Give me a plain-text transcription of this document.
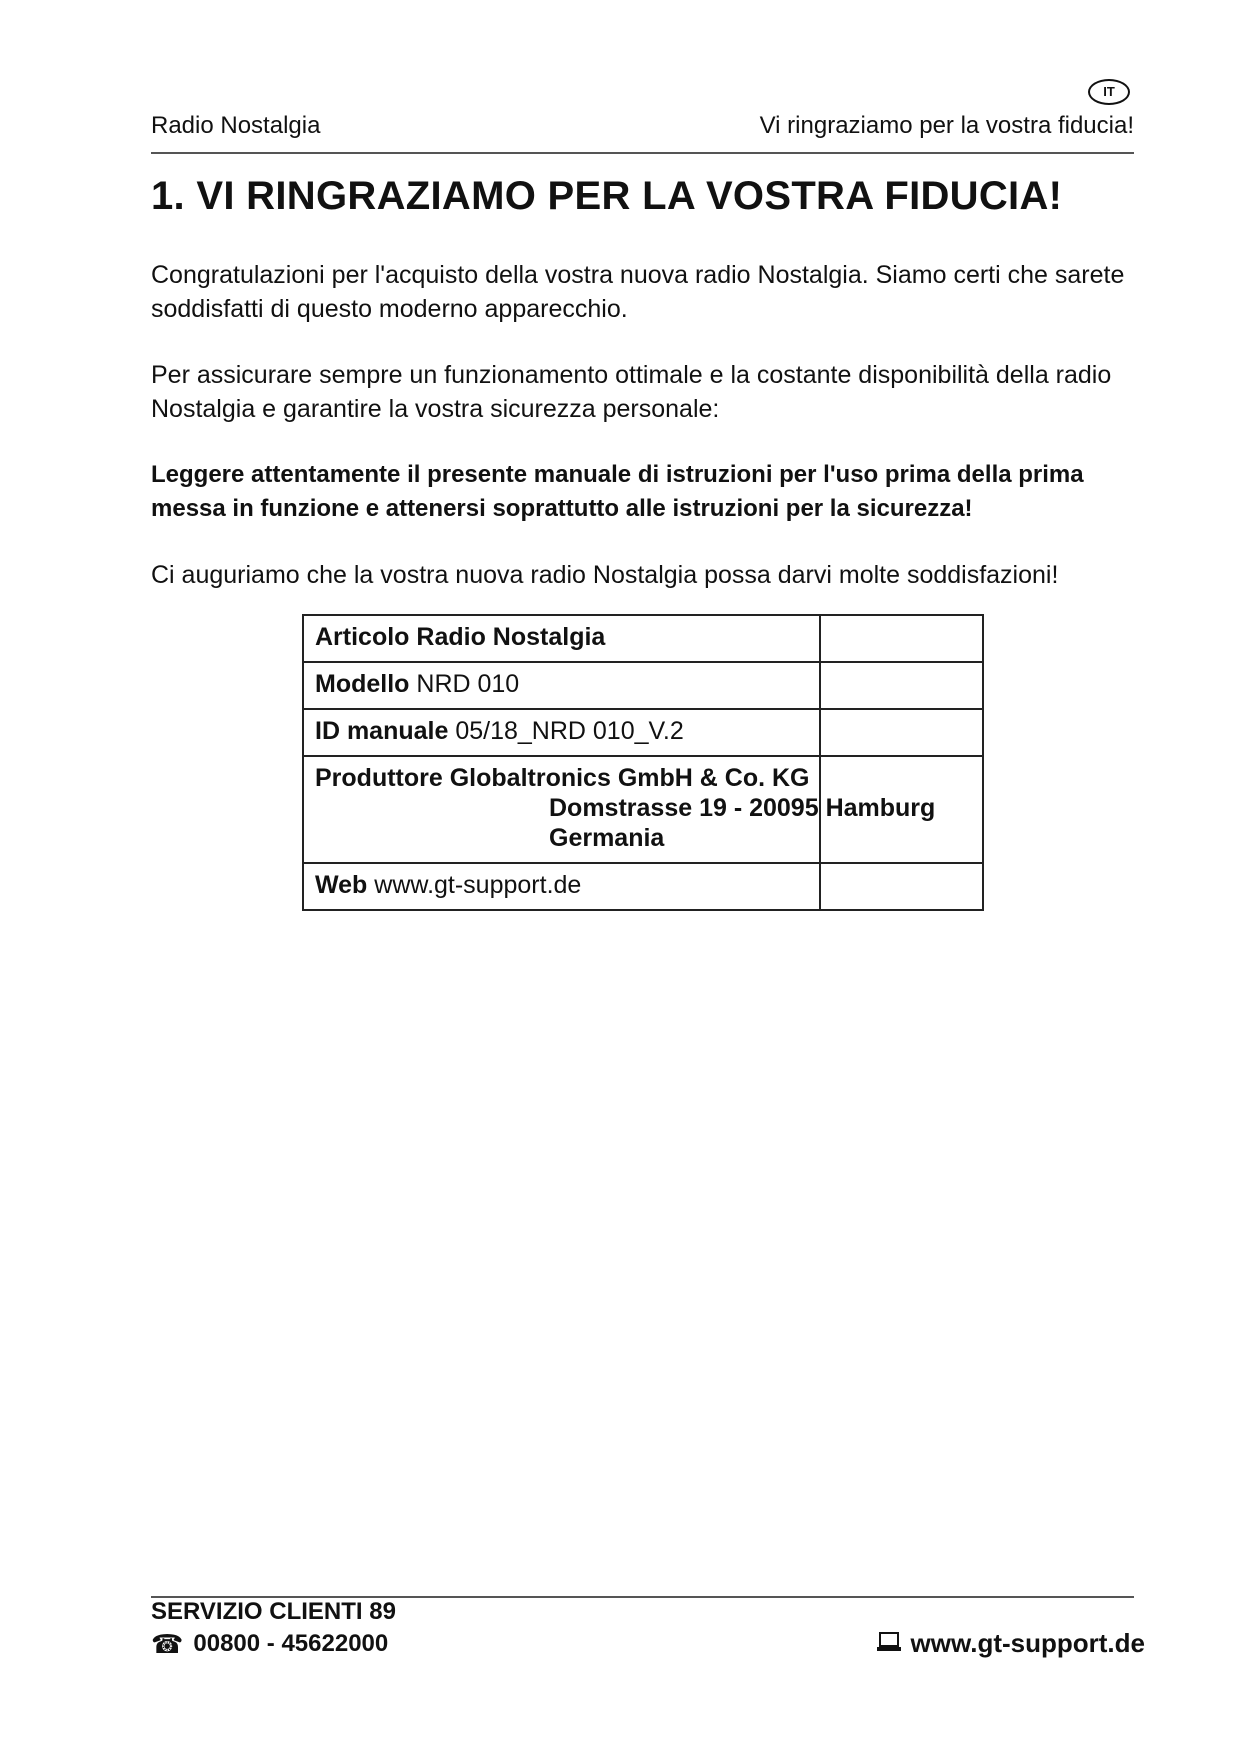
IT
Radio Nostalgia	Vi ringraziamo per la vostra fiducia!
1. VI RINGRAZIAMO PER LA VOSTRA FIDUCIA!

Congratulazioni per l'acquisto della vostra nuova radio Nostalgia. Siamo certi che sarete soddisfatti di questo moderno apparecchio.

Per assicurare sempre un funzionamento ottimale e la costante disponibilità della radio Nostalgia e garantire la vostra sicurezza personale:

Leggere attentamente il presente manuale di istruzioni per l'uso prima della prima messa in funzione e attenersi soprattutto alle istruzioni per la sicurezza!

Ci auguriamo che la vostra nuova radio Nostalgia possa darvi molte soddisfazioni!

Articolo Radio Nostalgia	

Modello NRD 010	

ID manuale 05/18_NRD 010_V.2	

Produttore Globaltronics GmbH & Co. KG
Domstrasse 19 - 20095 Hamburg
Germania	

Web www.gt-support.de	

SERVIZIO CLIENTI 89
☎ 00800 - 45622000	www.gt-support.de
